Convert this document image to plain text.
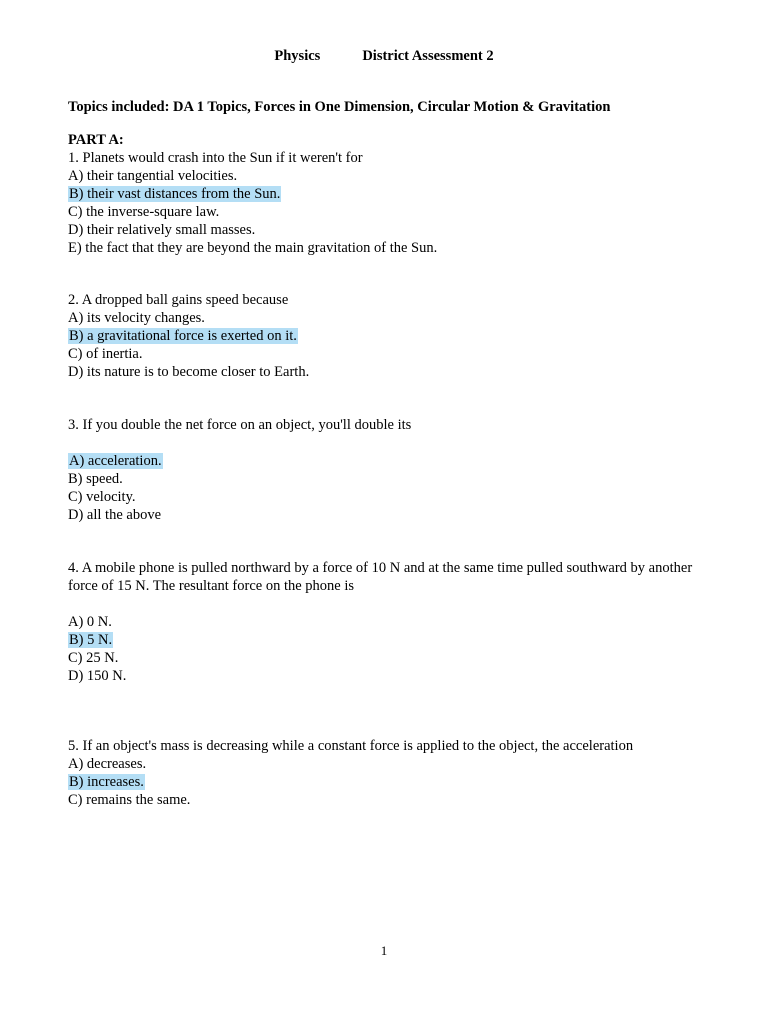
Physics	District Assessment 2
Topics included: DA 1 Topics, Forces in One Dimension, Circular Motion & Gravitation
PART A:
1. Planets would crash into the Sun if it weren't for
A) their tangential velocities.
B) their vast distances from the Sun.
C) the inverse-square law.
D) their relatively small masses.
E) the fact that they are beyond the main gravitation of the Sun.
2. A dropped ball gains speed because
A) its velocity changes.
B) a gravitational force is exerted on it.
C) of inertia.
D) its nature is to become closer to Earth.
3. If you double the net force on an object, you'll double its
A) acceleration.
B) speed.
C) velocity.
D) all the above
4. A mobile phone is pulled northward by a force of 10 N and at the same time pulled southward by another force of 15 N. The resultant force on the phone is
A) 0 N.
B) 5 N.
C) 25 N.
D) 150 N.
5. If an object's mass is decreasing while a constant force is applied to the object, the acceleration
A) decreases.
B) increases.
C) remains the same.
1
